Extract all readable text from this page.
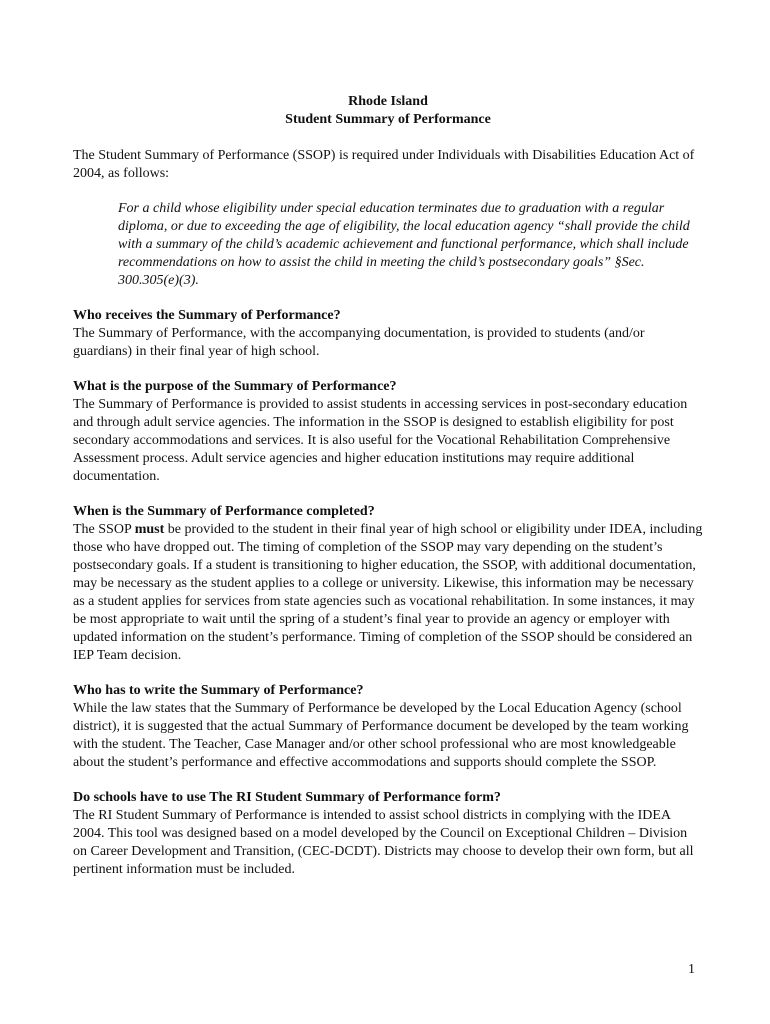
Rhode Island
Student Summary of Performance

The Student Summary of Performance (SSOP) is required under Individuals with Disabilities Education Act of 2004, as follows:

For a child whose eligibility under special education terminates due to graduation with a regular diploma, or due to exceeding the age of eligibility, the local education agency “shall provide the child with a summary of the child’s academic achievement and functional performance, which shall include recommendations on how to assist the child in meeting the child’s postsecondary goals” §Sec. 300.305(e)(3).
Who receives the Summary of Performance?
The Summary of Performance, with the accompanying documentation, is provided to students (and/or guardians) in their final year of high school.
What is the purpose of the Summary of Performance?
The Summary of Performance is provided to assist students in accessing services in post-secondary education and through adult service agencies. The information in the SSOP is designed to establish eligibility for post secondary accommodations and services. It is also useful for the Vocational Rehabilitation Comprehensive Assessment process. Adult service agencies and higher education institutions may require additional documentation.
When is the Summary of Performance completed?
The SSOP must be provided to the student in their final year of high school or eligibility under IDEA, including those who have dropped out. The timing of completion of the SSOP may vary depending on the student’s postsecondary goals. If a student is transitioning to higher education, the SSOP, with additional documentation, may be necessary as the student applies to a college or university. Likewise, this information may be necessary as a student applies for services from state agencies such as vocational rehabilitation. In some instances, it may be most appropriate to wait until the spring of a student’s final year to provide an agency or employer with updated information on the student’s performance. Timing of completion of the SSOP should be considered an IEP Team decision.
Who has to write the Summary of Performance?
While the law states that the Summary of Performance be developed by the Local Education Agency (school district), it is suggested that the actual Summary of Performance document be developed by the team working with the student. The Teacher, Case Manager and/or other school professional who are most knowledgeable about the student’s performance and effective accommodations and supports should complete the SSOP.
Do schools have to use The RI Student Summary of Performance form?
The RI Student Summary of Performance is intended to assist school districts in complying with the IDEA 2004. This tool was designed based on a model developed by the Council on Exceptional Children – Division on Career Development and Transition, (CEC-DCDT). Districts may choose to develop their own form, but all pertinent information must be included.
1
